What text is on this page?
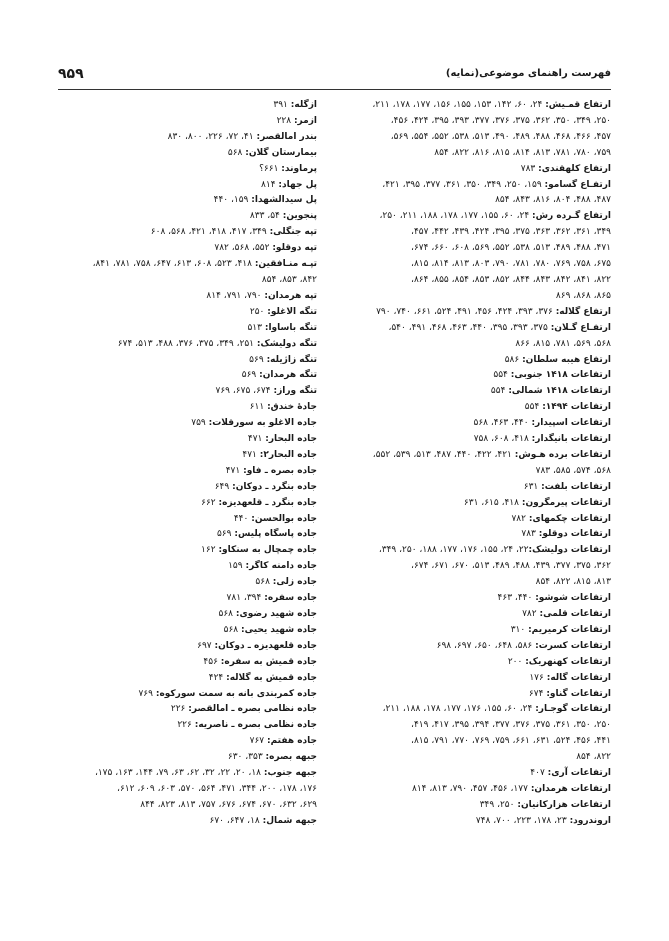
۹۵۹	فهرست راهنمای موضوعی(نمایه)

ارتفاع قمـیش: ۲۴، ۶۰، ۱۴۲، ۱۵۳، ۱۵۵، ۱۵۶، ۱۷۷، ۱۷۸، ۲۱۱،

۲۵۰، ۳۴۹، ۳۵۰، ۳۶۲، ۳۷۵، ۳۷۶، ۳۷۷، ۳۹۳، ۳۹۵، ۴۲۴، ۴۵۶،

۴۵۷، ۴۶۶، ۴۶۸، ۴۸۸، ۴۸۹، ۴۹۰، ۵۱۳، ۵۳۸، ۵۵۲، ۵۵۴، ۵۶۹،

۷۵۹، ۷۸۰، ۷۸۱، ۸۱۳، ۸۱۴، ۸۱۵، ۸۱۶، ۸۲۲، ۸۵۴

ارتفاع کلهقندی: ۷۸۳

ارتفـاع گسامو: ۱۵۹، ۲۵۰، ۳۴۹، ۳۵۰، ۳۶۱، ۳۷۷، ۳۹۵، ۴۲۱،

۴۸۷، ۴۸۸، ۸۰۴، ۸۱۶، ۸۴۳، ۸۵۴

ارتفاع گـرده رش: ۲۴، ۶۰، ۱۵۵، ۱۷۷، ۱۷۸، ۱۸۸، ۲۱۱، ۲۵۰،

۳۴۹، ۳۶۱، ۳۶۲، ۳۶۳، ۳۷۵، ۳۹۵، ۴۲۴، ۴۳۹، ۴۴۲، ۴۵۷،

۴۷۱، ۴۸۸، ۴۸۹، ۵۱۳، ۵۳۸، ۵۵۲، ۵۶۹، ۶۰۸، ۶۶۰، ۶۷۴،

۶۷۵، ۷۵۸، ۷۶۹، ۷۸۰، ۷۸۱، ۷۹۰، ۸۰۳، ۸۱۳، ۸۱۴، ۸۱۵،

۸۲۲، ۸۴۱، ۸۴۲، ۸۴۳، ۸۴۴، ۸۵۲، ۸۵۳، ۸۵۴، ۸۵۵، ۸۶۴،

۸۶۵، ۸۶۸، ۸۶۹

ارتفاع گلاله: ۳۷۶، ۳۹۳، ۴۲۴، ۴۵۶، ۴۹۱، ۵۲۴، ۶۶۱، ۷۴۰، ۷۹۰

ارتفـاع گـلان: ۳۷۵، ۳۹۳، ۳۹۵، ۴۴۰، ۴۶۳، ۴۶۸، ۴۹۱، ۵۴۰،

۵۶۸، ۵۶۹، ۷۸۱، ۸۱۵، ۸۶۶

ارتفاع هیبه سلطان: ۵۸۶

ارتفاعات ۱۴۱۸ جنوبی: ۵۵۴

ارتفاعات ۱۴۱۸ شمالی: ۵۵۴

ارتفاعات ۱۴۹۴: ۵۵۴

ارتفاعات اسپیدار: ۴۴۰، ۴۶۳، ۵۶۸

ارتفاعات بانیگدار: ۴۱۸، ۶۰۸، ۷۵۸

ارتفاعات برده هـوش: ۴۲۱، ۴۲۲، ۴۴۰، ۴۸۷، ۵۱۳، ۵۳۹، ۵۵۲،

۵۶۸، ۵۷۴، ۵۸۵، ۷۸۳

ارتفاعات بلفت: ۶۳۱

ارتفاعات پیرمگرون: ۴۱۸، ۶۱۵، ۶۳۱

ارتفاعات چکمهای: ۷۸۲

ارتفاعات دوقلو: ۷۸۳

ارتفاعات دولیشک:۲۲، ۲۴، ۱۵۵، ۱۷۶، ۱۷۷، ۱۸۸، ۲۵۰، ۳۴۹،

۳۶۲، ۳۷۵، ۳۷۷، ۴۳۹، ۴۸۸، ۴۸۹، ۵۱۳، ۶۷۰، ۶۷۱، ۶۷۴،

۸۱۳، ۸۱۵، ۸۲۲، ۸۵۴

ارتفاعات شوشو: ۴۴۰، ۴۶۳

ارتفاعات قلمی: ۷۸۲

ارتفاعات کرمیریم: ۳۱۰

ارتفاعات کسرت: ۵۸۶، ۶۴۸، ۶۵۰، ۶۹۷، ۶۹۸

ارتفاعات کهنهریک: ۲۰۰

ارتفاعات گاله: ۱۷۶

ارتفاعات گناو: ۶۷۴

ارتفاعات گوجـار: ۲۴، ۶۰، ۱۵۵، ۱۷۶، ۱۷۷، ۱۷۸، ۱۸۸، ۲۱۱،

۲۵۰، ۳۵۰، ۳۶۱، ۳۷۵، ۳۷۶، ۳۷۷، ۳۹۴، ۳۹۵، ۴۱۷، ۴۱۹،

۴۴۱، ۴۵۶، ۵۲۴، ۶۳۱، ۶۶۱، ۷۵۹، ۷۶۹، ۷۷۰، ۷۹۱، ۸۱۵،

۸۲۲، ۸۵۴

ارتفاعات آری: ۴۰۷

ارتفاعات هرمدان: ۱۷۷، ۴۵۶، ۴۵۷، ۷۹۰، ۸۱۳، ۸۱۴

ارتفاعات هزارکانیان: ۲۵۰، ۳۴۹

اروندرود: ۲۳، ۱۷۸، ۲۲۳، ۷۰۰، ۷۴۸

ازگله: ۳۹۱

ازمر: ۲۲۸

بندر امالقصر: ۴۱، ۷۲، ۲۲۶، ۸۰۰، ۸۳۰

بیمارستان گلان: ۵۶۸

پرماوند: ۶۶۱؟

پل جهاد: ۸۱۴

پل سیدالشهدا: ۱۵۹، ۴۴۰

پنجوین: ۵۴، ۸۳۳

تپه جنگلی: ۳۴۹، ۴۱۷، ۴۱۸، ۴۲۱، ۵۶۸، ۶۰۸

تپه دوقلو: ۵۵۲، ۵۶۸، ۷۸۲

تپـه منـافقین: ۴۱۸، ۵۲۳، ۶۰۸، ۶۱۳، ۶۴۷، ۷۵۸، ۷۸۱، ۸۴۱،

۸۴۲، ۸۵۳، ۸۵۴

تپه هرمدان: ۷۹۰، ۷۹۱، ۸۱۴

تنگه الاغلو: ۲۵۰

تنگه باساوا: ۵۱۳

تنگه دولیشک: ۲۵۱، ۳۴۹، ۳۷۵، ۳۷۶، ۴۸۸، ۵۱۳، ۶۷۴

تنگه زاژیله: ۵۶۹

تنگه هرمدان: ۵۶۹

تنگه وراز: ۶۷۴، ۶۷۵، ۷۶۹

جادۀ خندق: ۶۱۱

جاده الاغلو به سورقلات: ۷۵۹

جاده البحار: ۴۷۱

جاده البحار۲: ۴۷۱

جاده بصره ـ فاو: ۴۷۱

جاده بنگرد ـ دوکان: ۶۴۹

جاده بنگرد ـ قلعهدیزه: ۶۶۲

جاده بوالحسن: ۴۴۰

جاده پاسگاه پلیس: ۵۶۹

جاده چمچال به سنکاو: ۱۶۲

جاده دامنه کاگر: ۱۵۹

جاده زلی: ۵۶۸

جاده سفره: ۳۹۴، ۷۸۱

جاده شهید رضوی: ۵۶۸

جاده شهید یحیی: ۵۶۸

جاده قلعهدیزه ـ دوکان: ۶۹۷

جاده قمیش به سفره: ۴۵۶

جاده قمیش به گلاله: ۴۲۴

جاده کمربندی بانه به سمت سورکوه: ۷۶۹

جاده نظامی بصره ـ امالقصر: ۲۲۶

جاده نظامی بصره ـ ناصریه: ۲۲۶

جاده هفتم: ۷۶۷

جبهه بصره: ۳۵۳، ۶۳۰

جبهه جنوب: ۱۸، ۲۰، ۲۲، ۳۲، ۶۲، ۶۳، ۷۹، ۱۴۴، ۱۶۳، ۱۷۵،

۱۷۶، ۱۷۸، ۲۰۰، ۳۴۴، ۴۷۱، ۵۶۴، ۵۷۰، ۶۰۳، ۶۰۹، ۶۱۲،

۶۲۹، ۶۳۲، ۶۷۰، ۶۷۴، ۶۷۶، ۷۵۷، ۸۱۳، ۸۲۳، ۸۴۴

جبهه شمال: ۱۸، ۶۴۷، ۶۷۰
